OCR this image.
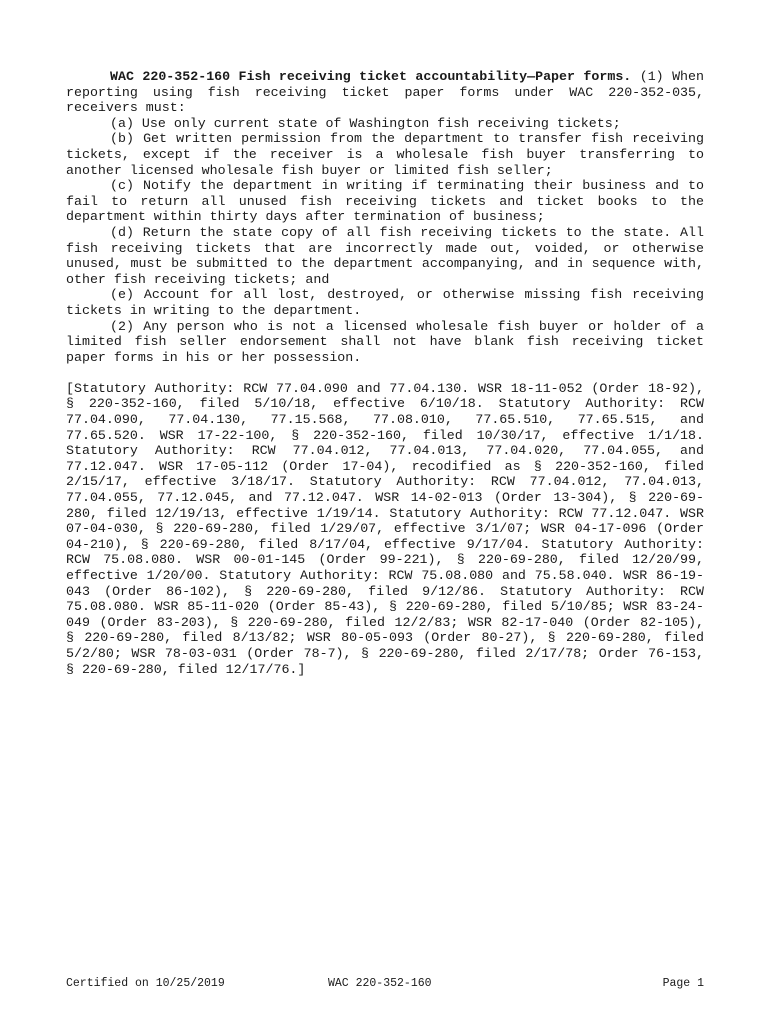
WAC 220-352-160 Fish receiving ticket accountability—Paper forms. (1) When reporting using fish receiving ticket paper forms under WAC 220-352-035, receivers must:

(a) Use only current state of Washington fish receiving tickets;

(b) Get written permission from the department to transfer fish receiving tickets, except if the receiver is a wholesale fish buyer transferring to another licensed wholesale fish buyer or limited fish seller;

(c) Notify the department in writing if terminating their business and to fail to return all unused fish receiving tickets and ticket books to the department within thirty days after termination of business;

(d) Return the state copy of all fish receiving tickets to the state. All fish receiving tickets that are incorrectly made out, voided, or otherwise unused, must be submitted to the department accompanying, and in sequence with, other fish receiving tickets; and

(e) Account for all lost, destroyed, or otherwise missing fish receiving tickets in writing to the department.

(2) Any person who is not a licensed wholesale fish buyer or holder of a limited fish seller endorsement shall not have blank fish receiving ticket paper forms in his or her possession.

[Statutory Authority: RCW 77.04.090 and 77.04.130. WSR 18-11-052 (Order 18-92), § 220-352-160, filed 5/10/18, effective 6/10/18. Statutory Authority: RCW 77.04.090, 77.04.130, 77.15.568, 77.08.010, 77.65.510, 77.65.515, and 77.65.520. WSR 17-22-100, § 220-352-160, filed 10/30/17, effective 1/1/18. Statutory Authority: RCW 77.04.012, 77.04.013, 77.04.020, 77.04.055, and 77.12.047. WSR 17-05-112 (Order 17-04), recodified as § 220-352-160, filed 2/15/17, effective 3/18/17. Statutory Authority: RCW 77.04.012, 77.04.013, 77.04.055, 77.12.045, and 77.12.047. WSR 14-02-013 (Order 13-304), § 220-69-280, filed 12/19/13, effective 1/19/14. Statutory Authority: RCW 77.12.047. WSR 07-04-030, § 220-69-280, filed 1/29/07, effective 3/1/07; WSR 04-17-096 (Order 04-210), § 220-69-280, filed 8/17/04, effective 9/17/04. Statutory Authority: RCW 75.08.080. WSR 00-01-145 (Order 99-221), § 220-69-280, filed 12/20/99, effective 1/20/00. Statutory Authority: RCW 75.08.080 and 75.58.040. WSR 86-19-043 (Order 86-102), § 220-69-280, filed 9/12/86. Statutory Authority: RCW 75.08.080. WSR 85-11-020 (Order 85-43), § 220-69-280, filed 5/10/85; WSR 83-24-049 (Order 83-203), § 220-69-280, filed 12/2/83; WSR 82-17-040 (Order 82-105), § 220-69-280, filed 8/13/82; WSR 80-05-093 (Order 80-27), § 220-69-280, filed 5/2/80; WSR 78-03-031 (Order 78-7), § 220-69-280, filed 2/17/78; Order 76-153, § 220-69-280, filed 12/17/76.]

Certified on 10/25/2019	WAC 220-352-160	Page 1
